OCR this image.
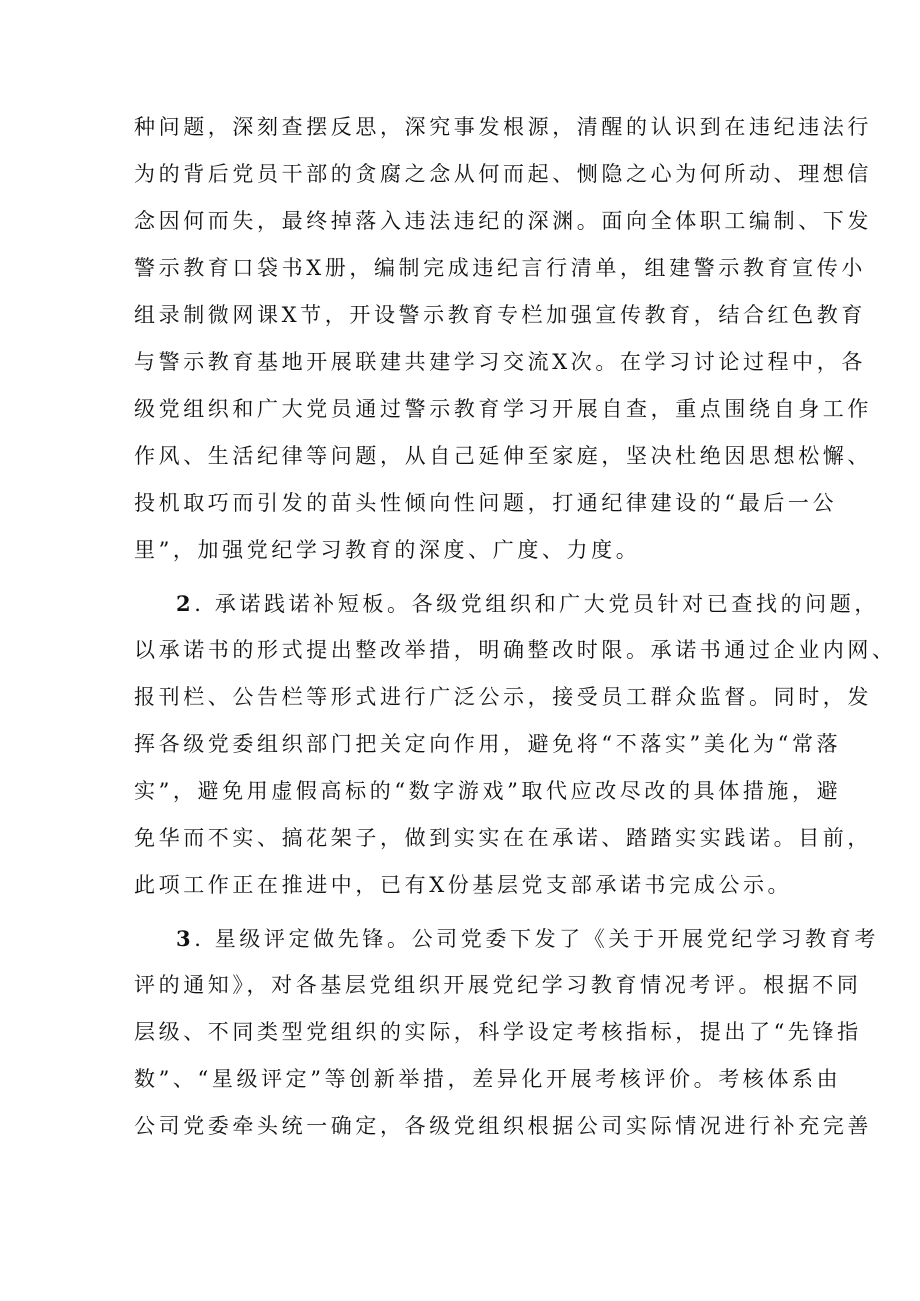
种问题，深刻查摆反思，深究事发根源，清醒的认识到在违纪违法行
为的背后党员干部的贪腐之念从何而起、恻隐之心为何所动、理想信
念因何而失，最终掉落入违法违纪的深渊。面向全体职工编制、下发
警示教育口袋书X册，编制完成违纪言行清单，组建警示教育宣传小
组录制微网课X节，开设警示教育专栏加强宣传教育，结合红色教育
与警示教育基地开展联建共建学习交流X次。在学习讨论过程中，各
级党组织和广大党员通过警示教育学习开展自查，重点围绕自身工作
作风、生活纪律等问题，从自己延伸至家庭，坚决杜绝因思想松懈、
投机取巧而引发的苗头性倾向性问题，打通纪律建设的“最后一公
里”，加强党纪学习教育的深度、广度、力度。
2. 承诺践诺补短板。各级党组织和广大党员针对已查找的问题，
以承诺书的形式提出整改举措，明确整改时限。承诺书通过企业内网、
报刊栏、公告栏等形式进行广泛公示，接受员工群众监督。同时，发
挥各级党委组织部门把关定向作用，避免将“不落实”美化为“常落
实”，避免用虚假高标的“数字游戏”取代应改尽改的具体措施，避
免华而不实、搞花架子，做到实实在在承诺、踏踏实实践诺。目前，
此项工作正在推进中，已有X份基层党支部承诺书完成公示。
3. 星级评定做先锋。公司党委下发了《关于开展党纪学习教育考
评的通知》，对各基层党组织开展党纪学习教育情况考评。根据不同
层级、不同类型党组织的实际，科学设定考核指标，提出了“先锋指
数”、“星级评定”等创新举措，差异化开展考核评价。考核体系由
公司党委牵头统一确定，各级党组织根据公司实际情况进行补充完善
